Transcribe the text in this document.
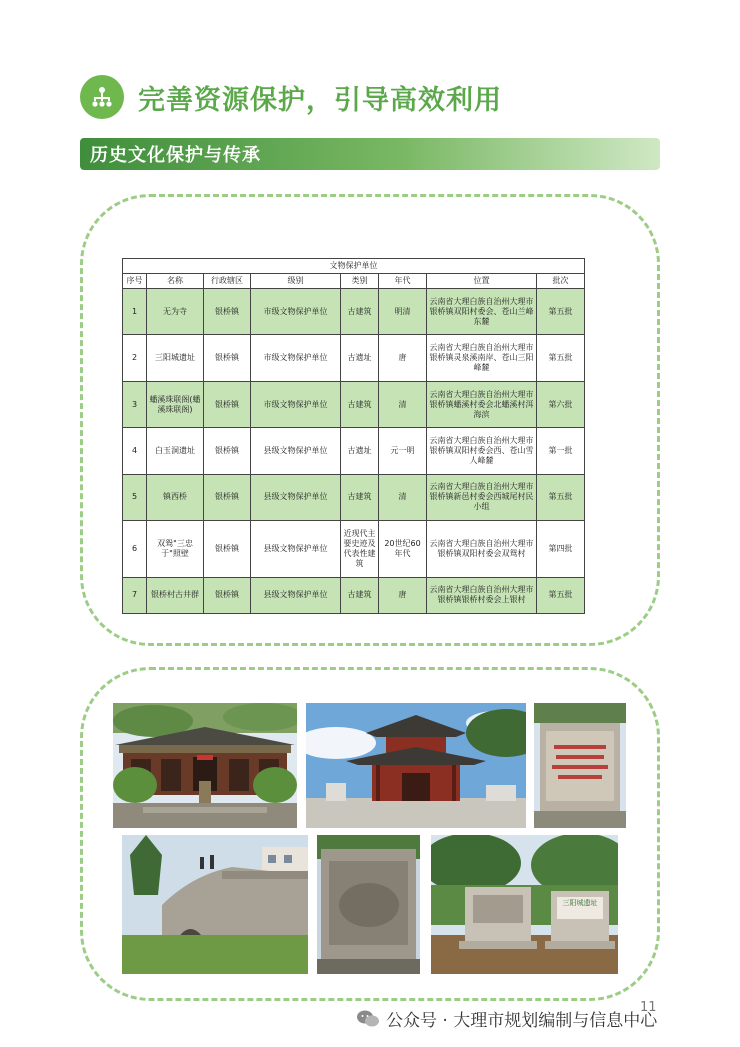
完善资源保护，引导高效利用
历史文化保护与传承
文物保护单位							
序号	名称	行政辖区	级别	类别	年代	位置	批次
1	无为寺	银桥镇	市级文物保护单位	古建筑	明清	云南省大理白族自治州大理市银桥镇双阳村委会、苍山兰峰东麓	第五批
2	三阳城遗址	银桥镇	市级文物保护单位	古遗址	唐	云南省大理白族自治州大理市银桥镇灵泉溪南岸、苍山三阳峰麓	第五批
3	蟠溪珠联阁(蟠溪珠联阁)	银桥镇	市级文物保护单位	古建筑	清	云南省大理白族自治州大理市银桥镇蟠溪村委会北蟠溪村洱海滨	第六批
4	白玉洞遗址	银桥镇	县级文物保护单位	古遗址	元一明	云南省大理白族自治州大理市银桥镇双阳村委会西、苍山雪人峰麓	第一批
5	镇西桥	银桥镇	县级文物保护单位	古建筑	清	云南省大理白族自治州大理市银桥镇新邑村委会西城尾村民小组	第五批
6	双鸳"三忠于"照壁	银桥镇	县级文物保护单位	近现代主要史迹及代表性建筑	20世纪60年代	云南省大理白族自治州大理市银桥镇双阳村委会双鸳村	第四批
7	银桥村古井群	银桥镇	县级文物保护单位	古建筑	唐	云南省大理白族自治州大理市银桥镇银桥村委会上银村	第五批
三阳城遗址
公众号 · 大理市规划编制与信息中心
11
